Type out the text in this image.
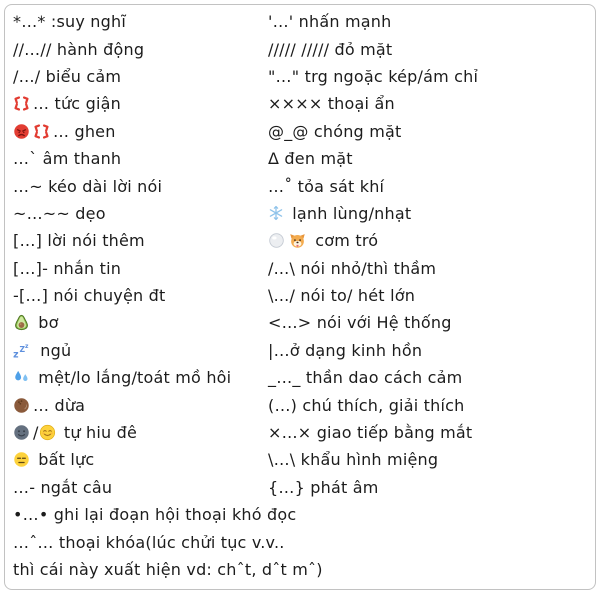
*…* :suy nghĩ
//…// hành động
/…/ biểu cảm
… tức giận
… ghen
…` âm thanh
…~ kéo dài lời nói
~…~~ dẹo
[…] lời nói thêm
[…]- nhắn tin
-[…] nói chuyện đt
bơ
z Z z ngủ
mệt/lo lắng/toát mồ hôi
… dừa
/ tự hiu đê
bất lực
…- ngắt câu
•…• ghi lại đoạn hội thoại khó đọc
…ˆ… thoại khóa(lúc chửi tục v.v..
thì cái này xuất hiện vd: chˆt, dˆt mˆ)
'…' nhấn mạnh
///// ///// đỏ mặt
"…" trg ngoặc kép/ám chỉ
×××× thoại ẩn
@_@ chóng mặt
Δ đen mặt
…˚ tỏa sát khí
lạnh lùng/nhạt
cơm tró
/...\ nói nhỏ/thì thầm
\.../ nói to/ hét lớn
<…> nói với Hệ thống
|…ở dạng kinh hồn
_…_ thần dao cách cảm
(…) chú thích, giải thích
×…× giao tiếp bằng mắt
\…\ khẩu hình miệng
{…} phát âm
